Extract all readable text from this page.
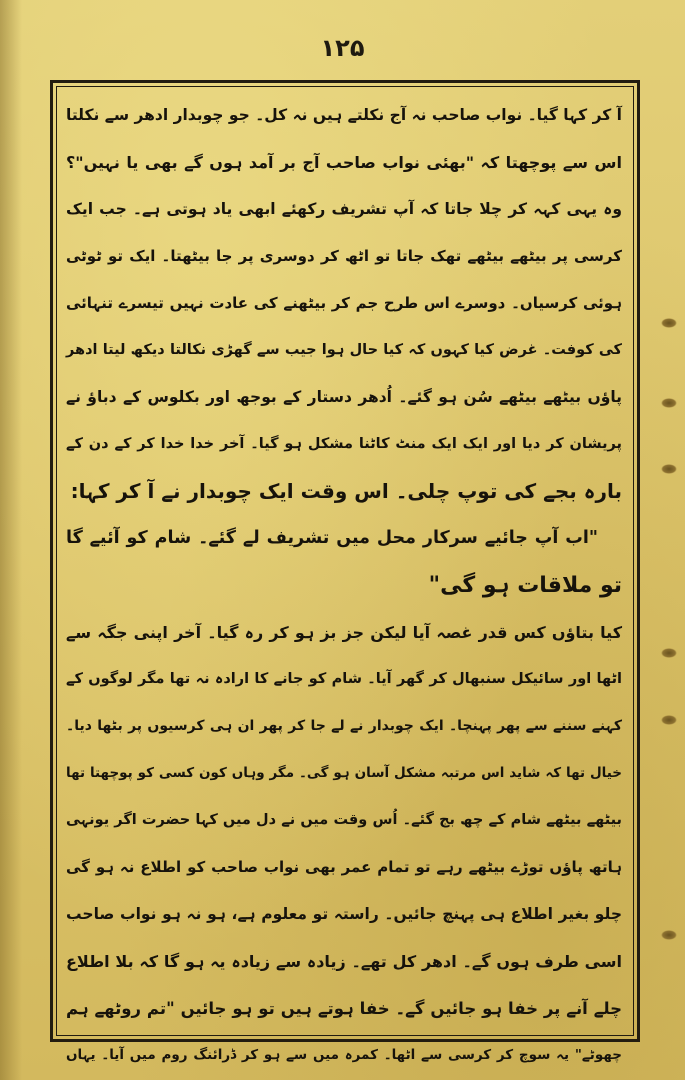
۱۲۵
آ کر کہا گیا۔ نواب صاحب نہ آج نکلتے ہیں نہ کل۔ جو چوبدار ادھر سے نکلتا
اس سے پوچھتا کہ "بھئی نواب صاحب آج بر آمد ہوں گے بھی یا نہیں"؟
وہ یہی کہہ کر چلا جاتا کہ آپ تشریف رکھئے ابھی یاد ہوتی ہے۔ جب ایک
کرسی پر بیٹھے بیٹھے تھک جاتا تو اٹھ کر دوسری پر جا بیٹھتا۔ ایک تو ٹوٹی
ہوئی کرسیاں۔ دوسرے اس طرح جم کر بیٹھنے کی عادت نہیں تیسرے تنہائی
کی کوفت۔ غرض کیا کہوں کہ کیا حال ہوا جیب سے گھڑی نکالتا دیکھ لیتا ادھر
پاؤں بیٹھے بیٹھے سُن ہو گئے۔ اُدھر دستار کے بوجھ اور بکلوس کے دباؤ نے
پریشان کر دیا اور ایک ایک منٹ کاٹنا مشکل ہو گیا۔ آخر خدا خدا کر کے دن کے
بارہ بجے کی توپ چلی۔ اس وقت ایک چوبدار نے آ کر کہا:
"اب آپ جائیے سرکار محل میں تشریف لے گئے۔ شام کو آئیے گا
تو ملاقات ہو گی"
کیا بتاؤں کس قدر غصہ آیا لیکن جز بز ہو کر رہ گیا۔ آخر اپنی جگہ سے
اٹھا اور سائیکل سنبھال کر گھر آیا۔ شام کو جانے کا ارادہ نہ تھا مگر لوگوں کے
کہنے سننے سے پھر پہنچا۔ ایک چوبدار نے لے جا کر پھر ان ہی کرسیوں پر بٹھا دیا۔
خیال تھا کہ شاید اس مرتبہ مشکل آسان ہو گی۔ مگر وہاں کون کسی کو پوچھتا تھا
بیٹھے بیٹھے شام کے چھ بج گئے۔ اُس وقت میں نے دل میں کہا حضرت اگر یونہی
ہاتھ پاؤں توڑے بیٹھے رہے تو تمام عمر بھی نواب صاحب کو اطلاع نہ ہو گی
چلو بغیر اطلاع ہی پہنچ جائیں۔ راستہ تو معلوم ہے، ہو نہ ہو نواب صاحب
اسی طرف ہوں گے۔ ادھر کل تھے۔ زیادہ سے زیادہ یہ ہو گا کہ بلا اطلاع
چلے آنے پر خفا ہو جائیں گے۔ خفا ہوتے ہیں تو ہو جائیں "تم روٹھے ہم
چھوٹے" یہ سوچ کر کرسی سے اٹھا۔ کمرہ میں سے ہو کر ڈرائنگ روم میں آیا۔ یہاں
